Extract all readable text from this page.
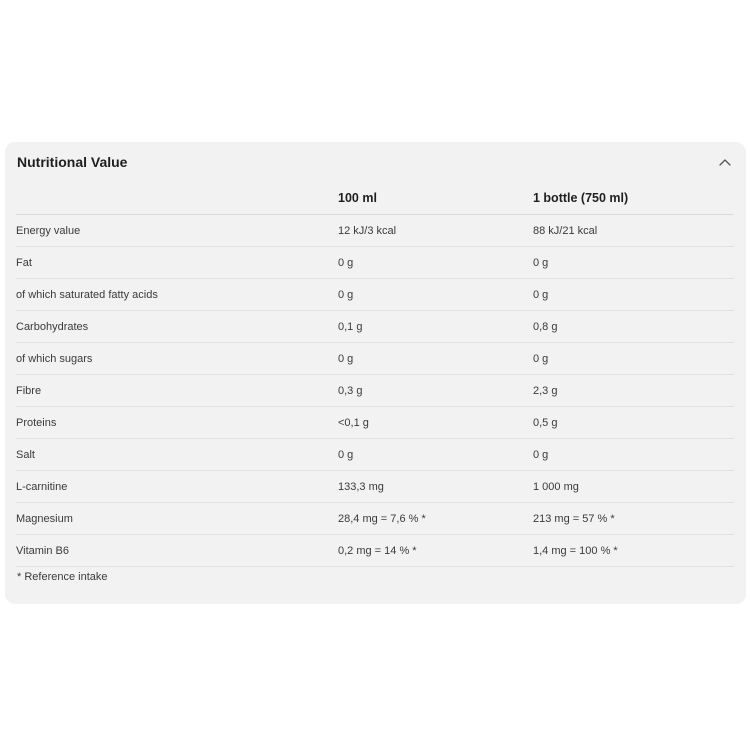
Nutritional Value
	100 ml	1 bottle (750 ml)
Energy value	12 kJ/3 kcal	88 kJ/21 kcal
Fat	0 g	0 g
of which saturated fatty acids	0 g	0 g
Carbohydrates	0,1 g	0,8 g
of which sugars	0 g	0 g
Fibre	0,3 g	2,3 g
Proteins	<0,1 g	0,5 g
Salt	0 g	0 g
L-carnitine	133,3 mg	1 000 mg
Magnesium	28,4 mg = 7,6 % *	213 mg = 57 % *
Vitamin B6	0,2 mg = 14 % *	1,4 mg = 100 % *

* Reference intake
